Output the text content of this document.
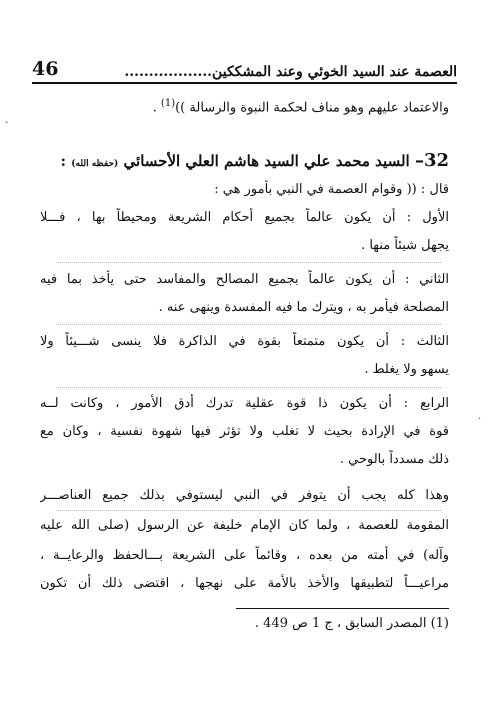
العصمة عند السيد الخوئي وعند المشككين..................
46
والاعتماد عليهم وهو مناف لحكمة النبوة والرسالة ))$^{(1)}$ .
32– السيد محمد علي السيد هاشم العلي الأحسائي (حفظه الله) :
قال : (( وقوام العصمة في النبي بأمور هي :
الأول : أن يكون عالماً بجميع أحكام الشريعة ومحيطاً بها ، فـــلا
يجهل شيئاً منها .
الثاني : أن يكون عالماً بجميع المصالح والمفاسد حتى يأخذ بما فيه
المصلحة فيأمر به ، ويترك ما فيه المفسدة وينهى عنه .
الثالث : أن يكون متمتعاً بقوة في الذاكرة فلا ينسى شـــيئاً ولا
يسهو ولا يغلط .
الرابع : أن يكون ذا قوة عقلية تدرك أدق الأمور ، وكانت لــه
قوة في الإرادة بحيث لا تغلب ولا تؤثر فيها شهوة نفسية ، وكان مع
ذلك مسدداً بالوحي .
وهذا كله يجب أن يتوفر في النبي ليستوفي بذلك جميع العناصـــر
المقومة للعصمة ، ولما كان الإمام خليفة عن الرسول (صلى الله عليه
وآله) في أمته من بعده ، وقائماً على الشريعة بـــالحفظ والرعايــة ،
مراعيـــاً لتطبيقها والأخذ بالأمة على نهجها ، اقتضى ذلك أن تكون
(1) المصدر السابق ، ج 1 ص 449 .
¸
·
